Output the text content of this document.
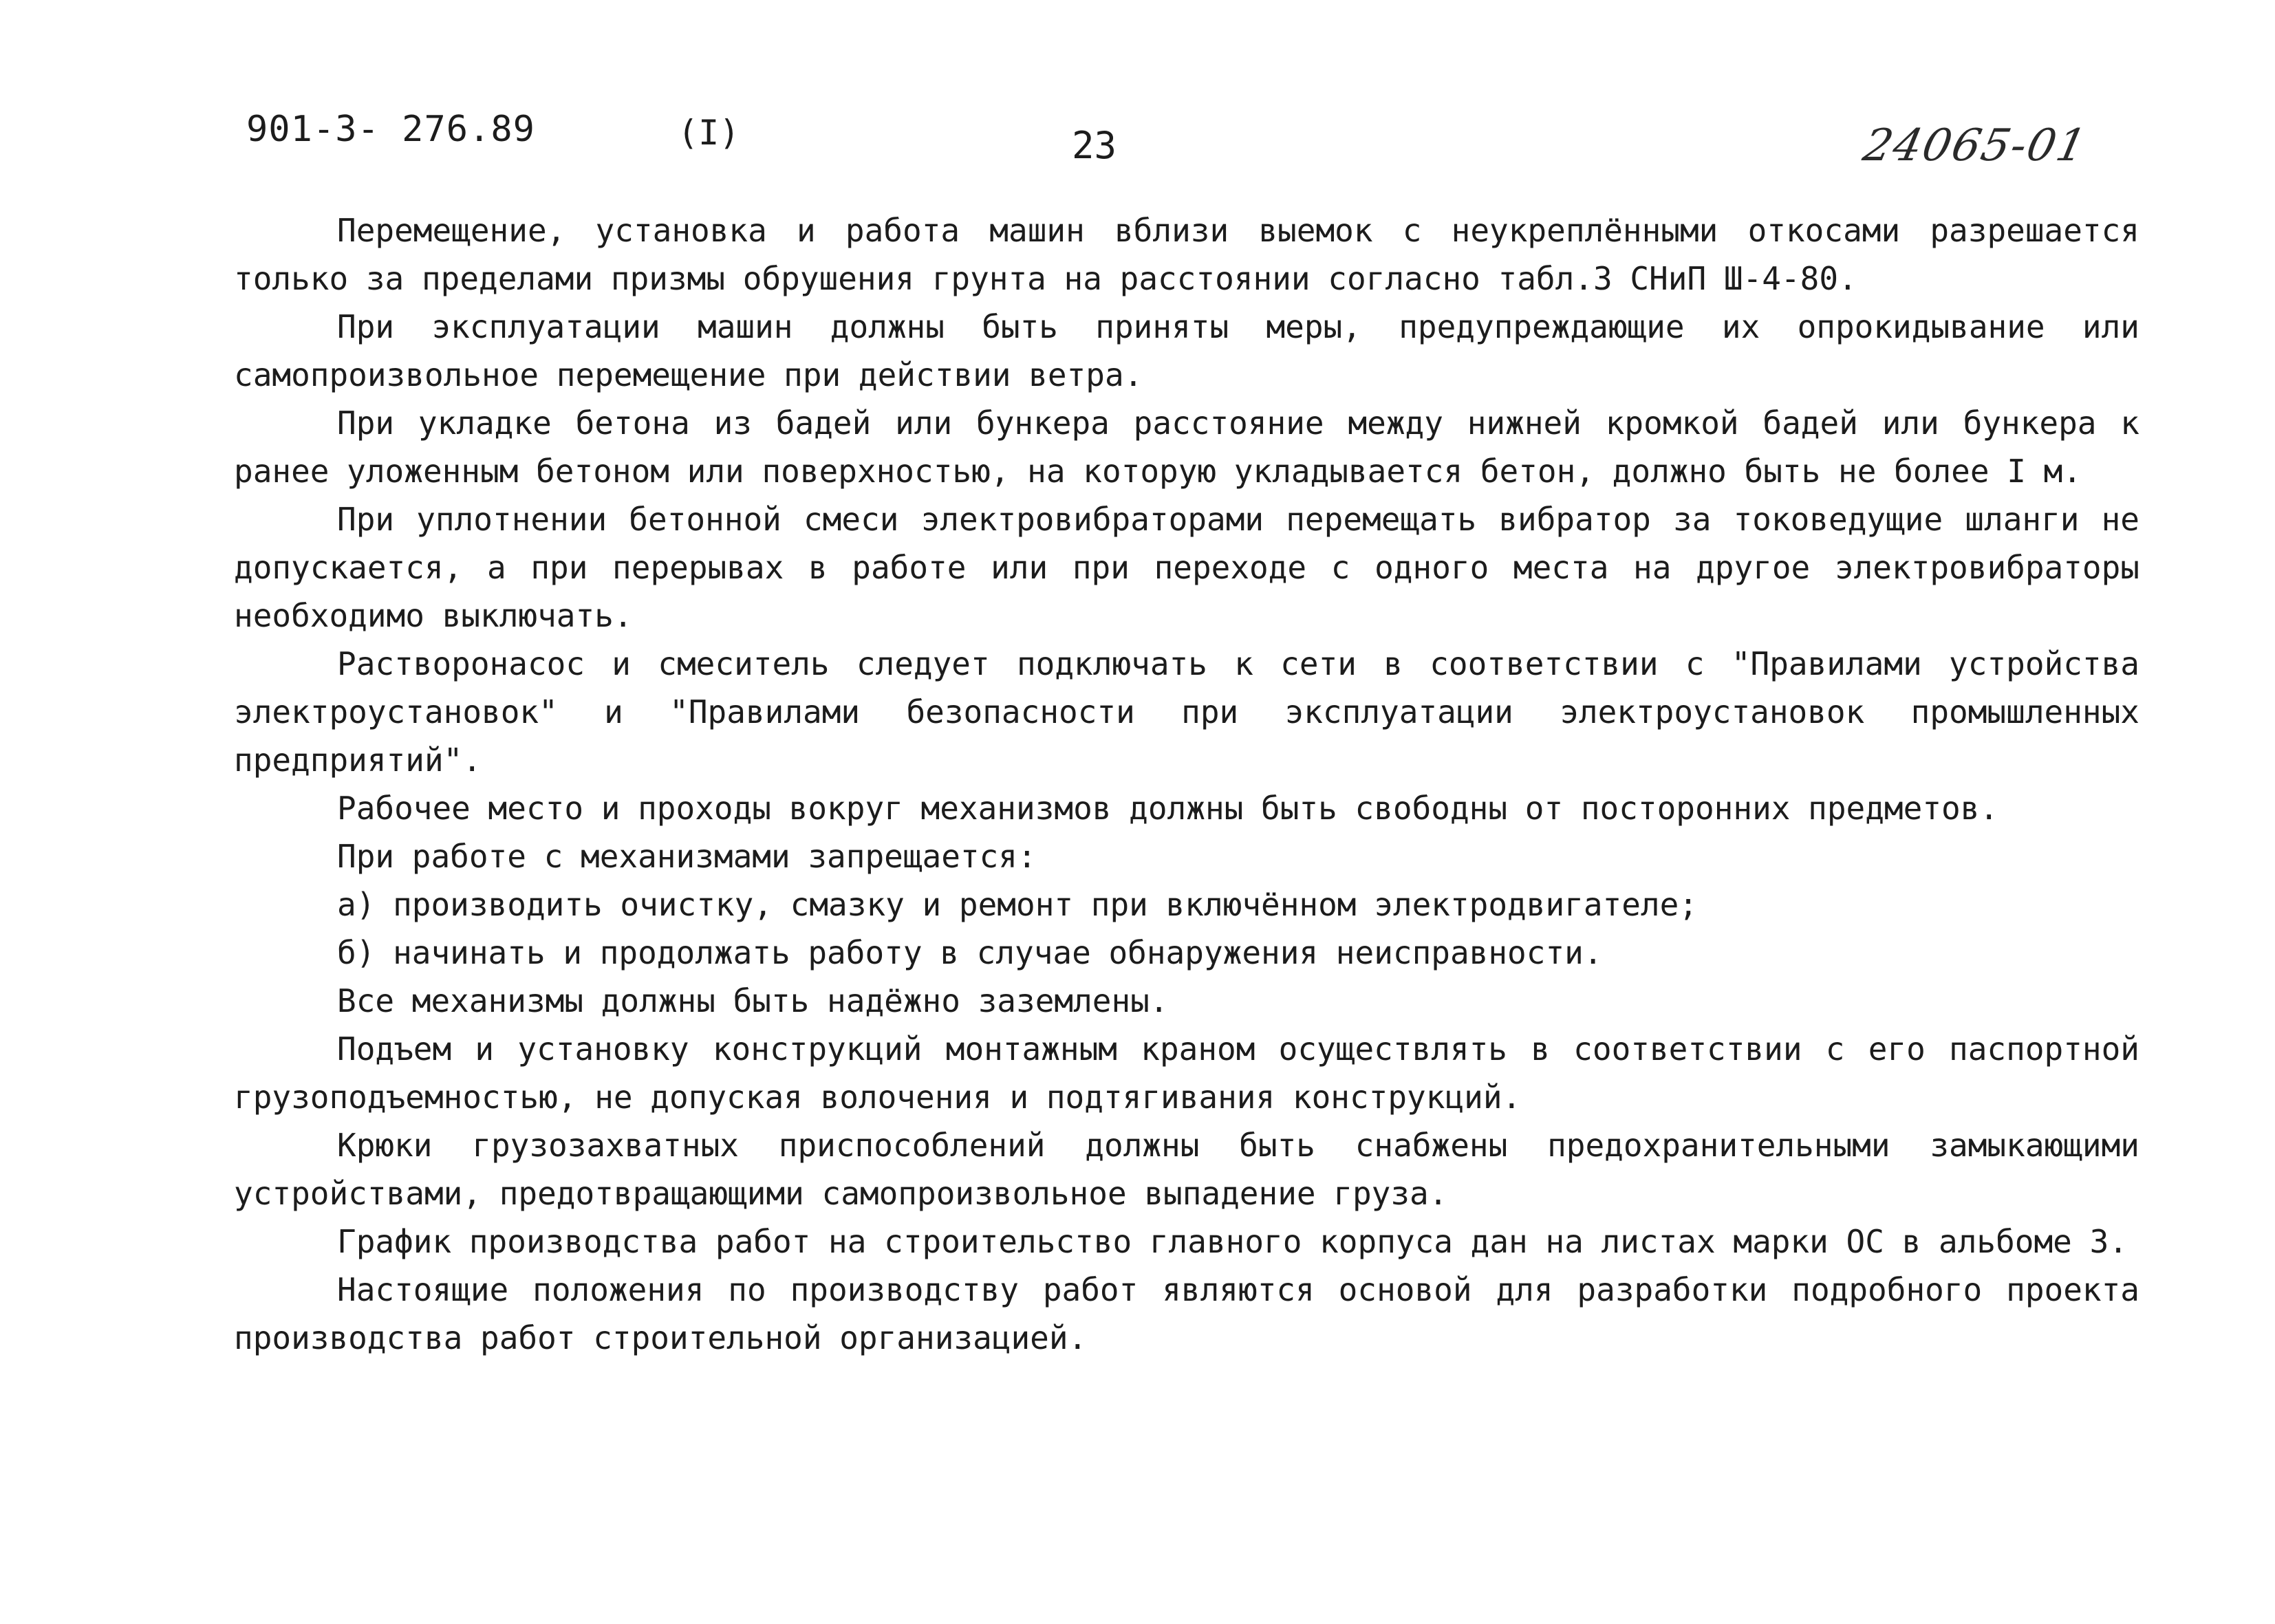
901-3- 276.89	(I)	23	24065-01

Перемещение, установка и работа машин вблизи выемок с неукреплёнными откосами разрешается только за пределами призмы обрушения грунта на расстоянии согласно табл.3 СНиП Ш-4-80.

При эксплуатации машин должны быть приняты меры, предупреждающие их опрокидывание или самопроизвольное перемещение при действии ветра.

При укладке бетона из бадей или бункера расстояние между нижней кромкой бадей или бункера к ранее уложенным бетоном или поверхностью, на которую укладывается бетон, должно быть не более I м.

При уплотнении бетонной смеси электровибраторами перемещать вибратор за токоведущие шланги не допускается, а при перерывах в работе или при переходе с одного места на другое электровибраторы необходимо выключать.

Растворонасос и смеситель следует подключать к сети в соответствии с "Правилами устройства электроустановок" и "Правилами безопасности при эксплуатации электроустановок промышленных предприятий".

Рабочее место и проходы вокруг механизмов должны быть свободны от посторонних предметов.

При работе с механизмами запрещается:

а) производить очистку, смазку и ремонт при включённом электродвигателе;

б) начинать и продолжать работу в случае обнаружения неисправности.

Все механизмы должны быть надёжно заземлены.

Подъем и установку конструкций монтажным краном осуществлять в соответствии с его паспортной грузоподъемностью, не допуская волочения и подтягивания конструкций.

Крюки грузозахватных приспособлений должны быть снабжены предохранительными замыкающими устройствами, предотвращающими самопроизвольное выпадение груза.

График производства работ на строительство главного корпуса дан на листах марки ОС в альбоме 3.

Настоящие положения по производству работ являются основой для разработки подробного проекта производства работ строительной организацией.
